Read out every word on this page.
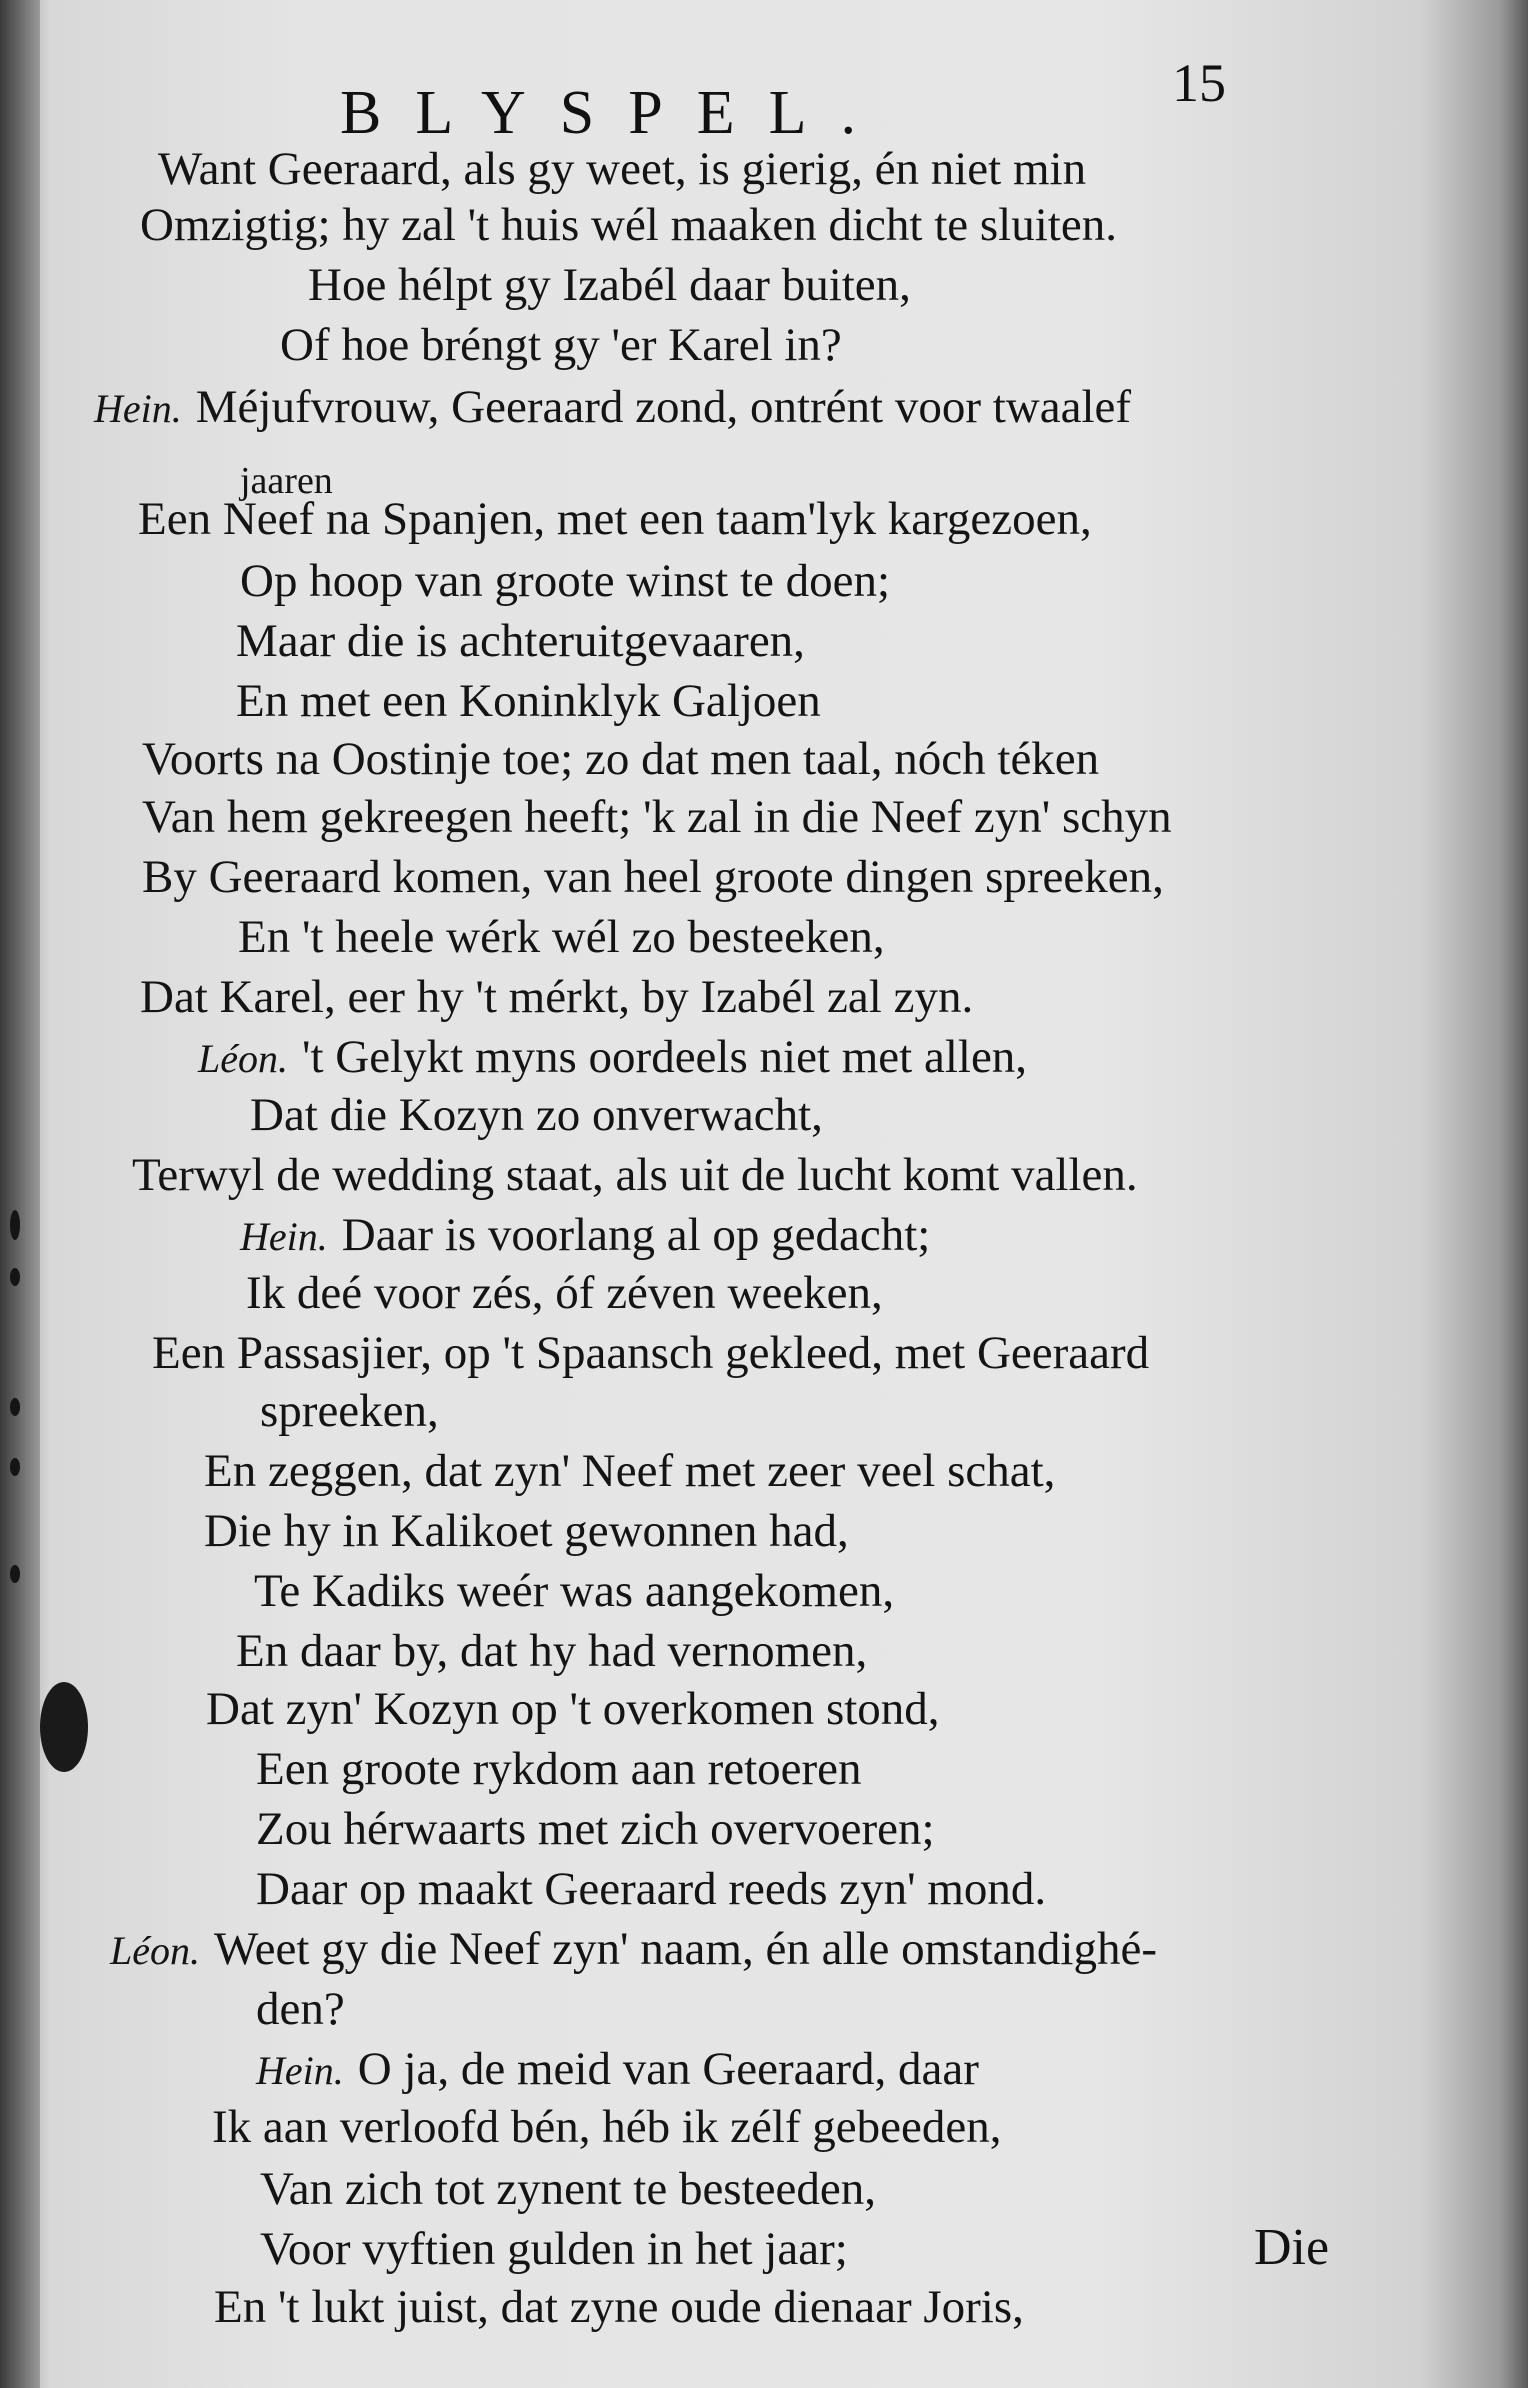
BLYSPEL.	15
Want Geeraard, als gy weet, is gierig, én niet min
Omzigtig; hy zal 't huis wél maaken dicht te sluiten.
Hoe hélpt gy Izabél daar buiten,
Of hoe bréngt gy 'er Karel in?
Hein. Méjufvrouw, Geeraard zond, ontrént voor twaalef
jaaren
Een Neef na Spanjen, met een taam'lyk kargezoen,
Op hoop van groote winst te doen;
Maar die is achteruitgevaaren,
En met een Koninklyk Galjoen
Voorts na Oostinje toe; zo dat men taal, nóch téken
Van hem gekreegen heeft; 'k zal in die Neef zyn' schyn
By Geeraard komen, van heel groote dingen spreeken,
En 't heele wérk wél zo besteeken,
Dat Karel, eer hy 't mérkt, by Izabél zal zyn.
Léon. 't Gelykt myns oordeels niet met allen,
Dat die Kozyn zo onverwacht,
Terwyl de wedding staat, als uit de lucht komt vallen.
Hein. Daar is voorlang al op gedacht;
Ik deé voor zés, óf zéven weeken,
Een Passasjier, op 't Spaansch gekleed, met Geeraard
spreeken,
En zeggen, dat zyn' Neef met zeer veel schat,
Die hy in Kalikoet gewonnen had,
Te Kadiks weér was aangekomen,
En daar by, dat hy had vernomen,
Dat zyn' Kozyn op 't overkomen stond,
Een groote rykdom aan retoeren
Zou hérwaarts met zich overvoeren;
Daar op maakt Geeraard reeds zyn' mond.
Léon. Weet gy die Neef zyn' naam, én alle omstandighé-
den?
Hein. O ja, de meid van Geeraard, daar
Ik aan verloofd bén, héb ik zélf gebeeden,
Van zich tot zynent te besteeden,
Voor vyftien gulden in het jaar;
En 't lukt juist, dat zyne oude dienaar Joris,
Die
